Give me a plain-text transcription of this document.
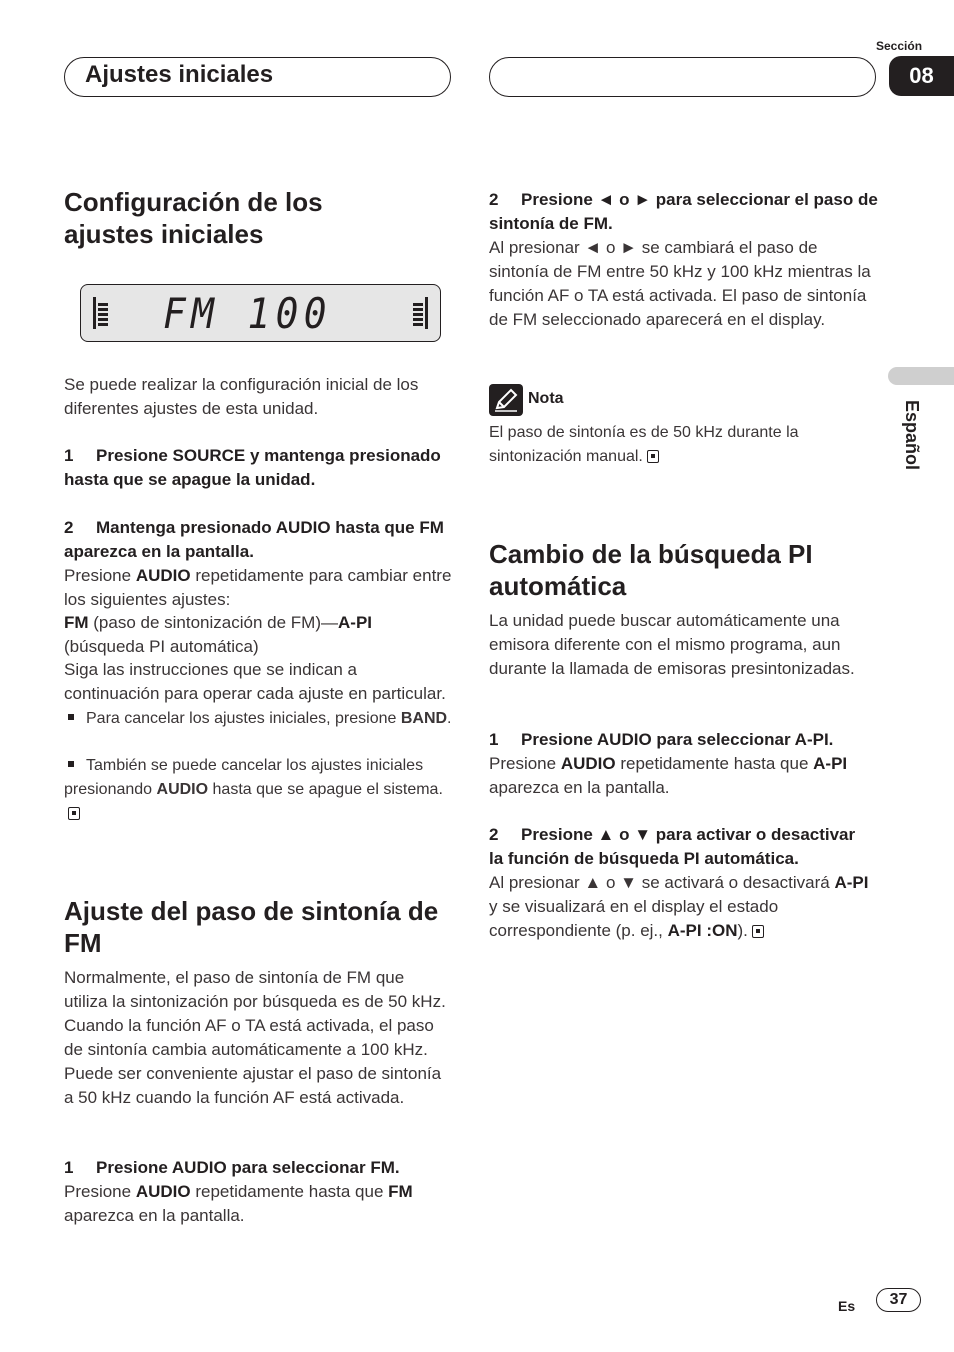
Ajustes iniciales
Sección
08
Español
Configuración de los ajustes iniciales
FM 100
Se puede realizar la configuración inicial de los diferentes ajustes de esta unidad.
1 Presione SOURCE y mantenga presionado hasta que se apague la unidad.
2 Mantenga presionado AUDIO hasta que FM aparezca en la pantalla.
Presione AUDIO repetidamente para cambiar entre los siguientes ajustes:
FM (paso de sintonización de FM)—A-PI (búsqueda PI automática)
Siga las instrucciones que se indican a continuación para operar cada ajuste en particular.
Para cancelar los ajustes iniciales, presione BAND.
También se puede cancelar los ajustes iniciales presionando AUDIO hasta que se apague el sistema.
Ajuste del paso de sintonía de FM
Normalmente, el paso de sintonía de FM que utiliza la sintonización por búsqueda es de 50 kHz. Cuando la función AF o TA está activada, el paso de sintonía cambia automáticamente a 100 kHz. Puede ser conveniente ajustar el paso de sintonía a 50 kHz cuando la función AF está activada.
1 Presione AUDIO para seleccionar FM.
Presione AUDIO repetidamente hasta que FM aparezca en la pantalla.
2 Presione ◄ o ► para seleccionar el paso de sintonía de FM.
Al presionar ◄ o ► se cambiará el paso de sintonía de FM entre 50 kHz y 100 kHz mientras la función AF o TA está activada. El paso de sintonía de FM seleccionado aparecerá en el display.
Nota
El paso de sintonía es de 50 kHz durante la sintonización manual.
Cambio de la búsqueda PI automática
La unidad puede buscar automáticamente una emisora diferente con el mismo programa, aun durante la llamada de emisoras presintonizadas.
1 Presione AUDIO para seleccionar A-PI.
Presione AUDIO repetidamente hasta que A-PI aparezca en la pantalla.
2 Presione ▲ o ▼ para activar o desactivar la función de búsqueda PI automática.
Al presionar ▲ o ▼ se activará o desactivará A-PI y se visualizará en el display el estado correspondiente (p. ej., A-PI :ON).
Es	37
